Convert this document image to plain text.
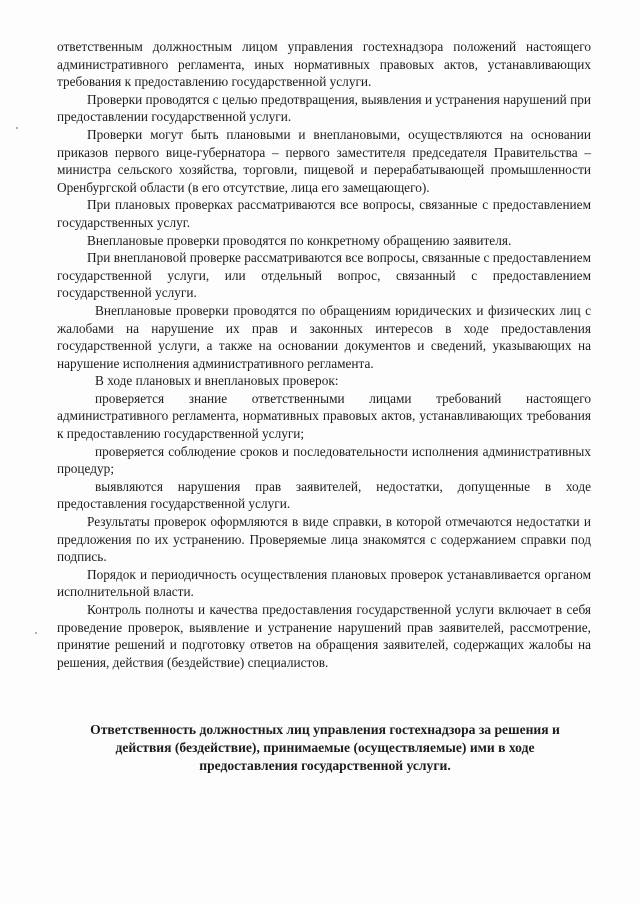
ответственным должностным лицом управления гостехнадзора положений настоящего административного регламента, иных нормативных правовых актов, устанавливающих требования к предоставлению государственной услуги.

Проверки проводятся с целью предотвращения, выявления и устранения нарушений при предоставлении государственной услуги.

Проверки могут быть плановыми и внеплановыми, осуществляются на основании приказов первого вице-губернатора – первого заместителя председателя Правительства – министра сельского хозяйства, торговли, пищевой и перерабатывающей промышленности Оренбургской области (в его отсутствие, лица его замещающего).

При плановых проверках рассматриваются все вопросы, связанные с предоставлением государственных услуг.

Внеплановые проверки проводятся по конкретному обращению заявителя.

При внеплановой проверке рассматриваются все вопросы, связанные с предоставлением государственной услуги, или отдельный вопрос, связанный с предоставлением государственной услуги.

Внеплановые проверки проводятся по обращениям юридических и физических лиц с жалобами на нарушение их прав и законных интересов в ходе предоставления государственной услуги, а также на основании документов и сведений, указывающих на нарушение исполнения административного регламента.

В ходе плановых и внеплановых проверок:

проверяется знание ответственными лицами требований настоящего административного регламента, нормативных правовых актов, устанавливающих требования к предоставлению государственной услуги;

проверяется соблюдение сроков и последовательности исполнения административных процедур;

выявляются нарушения прав заявителей, недостатки, допущенные в ходе предоставления государственной услуги.

Результаты проверок оформляются в виде справки, в которой отмечаются недостатки и предложения по их устранению. Проверяемые лица знакомятся с содержанием справки под подпись.

Порядок и периодичность осуществления плановых проверок устанавливается органом исполнительной власти.

Контроль полноты и качества предоставления государственной услуги включает в себя проведение проверок, выявление и устранение нарушений прав заявителей, рассмотрение, принятие решений и подготовку ответов на обращения заявителей, содержащих жалобы на решения, действия (бездействие) специалистов.

Ответственность должностных лиц управления гостехнадзора за решения и действия (бездействие), принимаемые (осуществляемые) ими в ходе предоставления государственной услуги.
